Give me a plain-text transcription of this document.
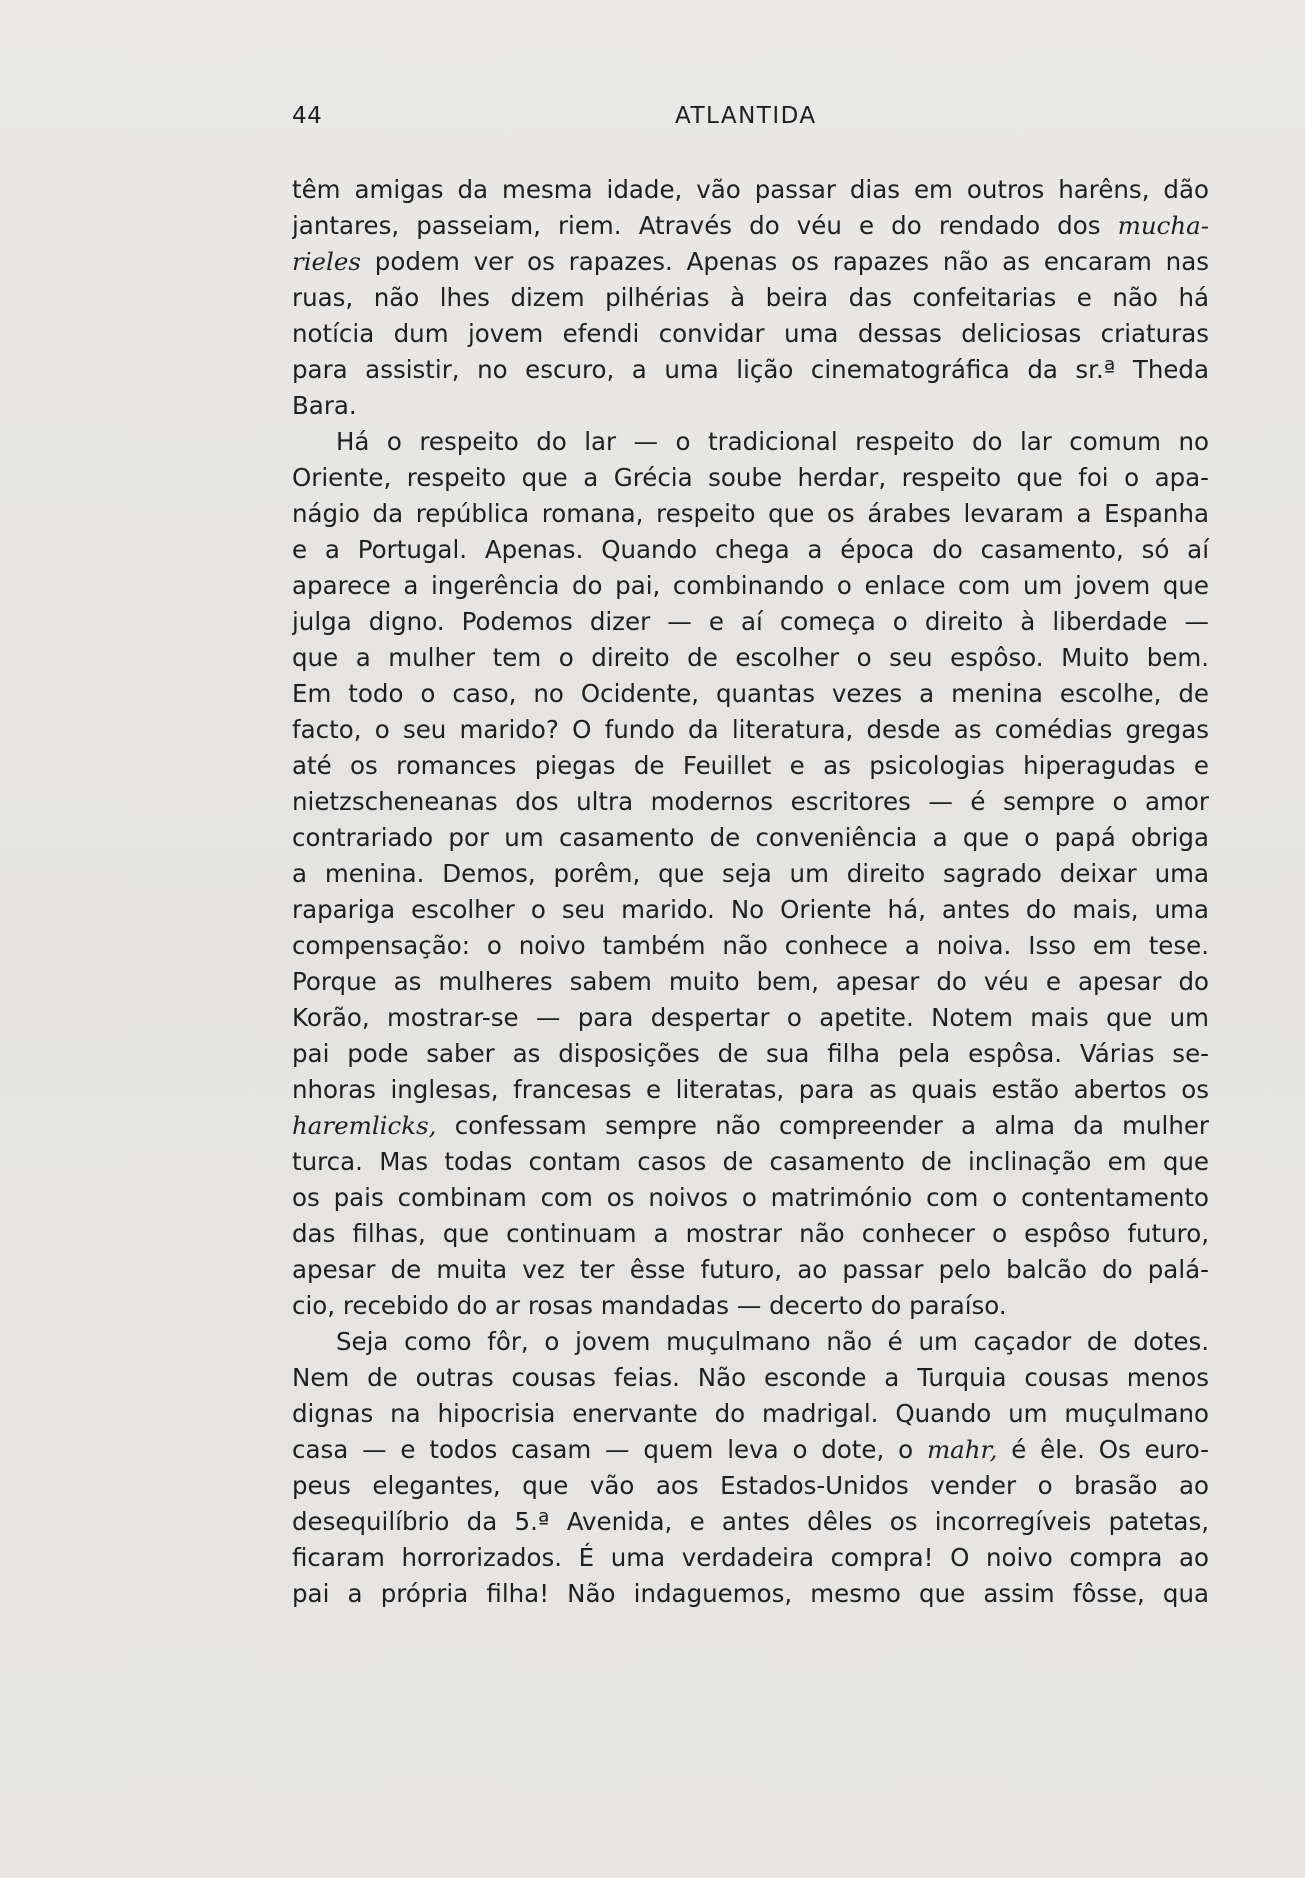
44	ATLANTIDA
têm amigas da mesma idade, vão passar dias em outros harêns, dão
jantares, passeiam, riem. Através do véu e do rendado dos mucha-
rieles podem ver os rapazes. Apenas os rapazes não as encaram nas
ruas, não lhes dizem pilhérias à beira das confeitarias e não há
notícia dum jovem efendi convidar uma dessas deliciosas criaturas
para assistir, no escuro, a uma lição cinematográfica da sr.ª Theda
Bara.
Há o respeito do lar — o tradicional respeito do lar comum no
Oriente, respeito que a Grécia soube herdar, respeito que foi o apa-
nágio da república romana, respeito que os árabes levaram a Espanha
e a Portugal. Apenas. Quando chega a época do casamento, só aí
aparece a ingerência do pai, combinando o enlace com um jovem que
julga digno. Podemos dizer — e aí começa o direito à liberdade —
que a mulher tem o direito de escolher o seu espôso. Muito bem.
Em todo o caso, no Ocidente, quantas vezes a menina escolhe, de
facto, o seu marido? O fundo da literatura, desde as comédias gregas
até os romances piegas de Feuillet e as psicologias hiperagudas e
nietzscheneanas dos ultra modernos escritores — é sempre o amor
contrariado por um casamento de conveniência a que o papá obriga
a menina. Demos, porêm, que seja um direito sagrado deixar uma
rapariga escolher o seu marido. No Oriente há, antes do mais, uma
compensação: o noivo também não conhece a noiva. Isso em tese.
Porque as mulheres sabem muito bem, apesar do véu e apesar do
Korão, mostrar-se — para despertar o apetite. Notem mais que um
pai pode saber as disposições de sua filha pela espôsa. Várias se-
nhoras inglesas, francesas e literatas, para as quais estão abertos os
haremlicks, confessam sempre não compreender a alma da mulher
turca. Mas todas contam casos de casamento de inclinação em que
os pais combinam com os noivos o matrimónio com o contentamento
das filhas, que continuam a mostrar não conhecer o espôso futuro,
apesar de muita vez ter êsse futuro, ao passar pelo balcão do palá-
cio, recebido do ar rosas mandadas — decerto do paraíso.
Seja como fôr, o jovem muçulmano não é um caçador de dotes.
Nem de outras cousas feias. Não esconde a Turquia cousas menos
dignas na hipocrisia enervante do madrigal. Quando um muçulmano
casa — e todos casam — quem leva o dote, o mahr, é êle. Os euro-
peus elegantes, que vão aos Estados-Unidos vender o brasão ao
desequilíbrio da 5.ª Avenida, e antes dêles os incorregíveis patetas,
ficaram horrorizados. É uma verdadeira compra! O noivo compra ao
pai a própria filha! Não indaguemos, mesmo que assim fôsse, qua
